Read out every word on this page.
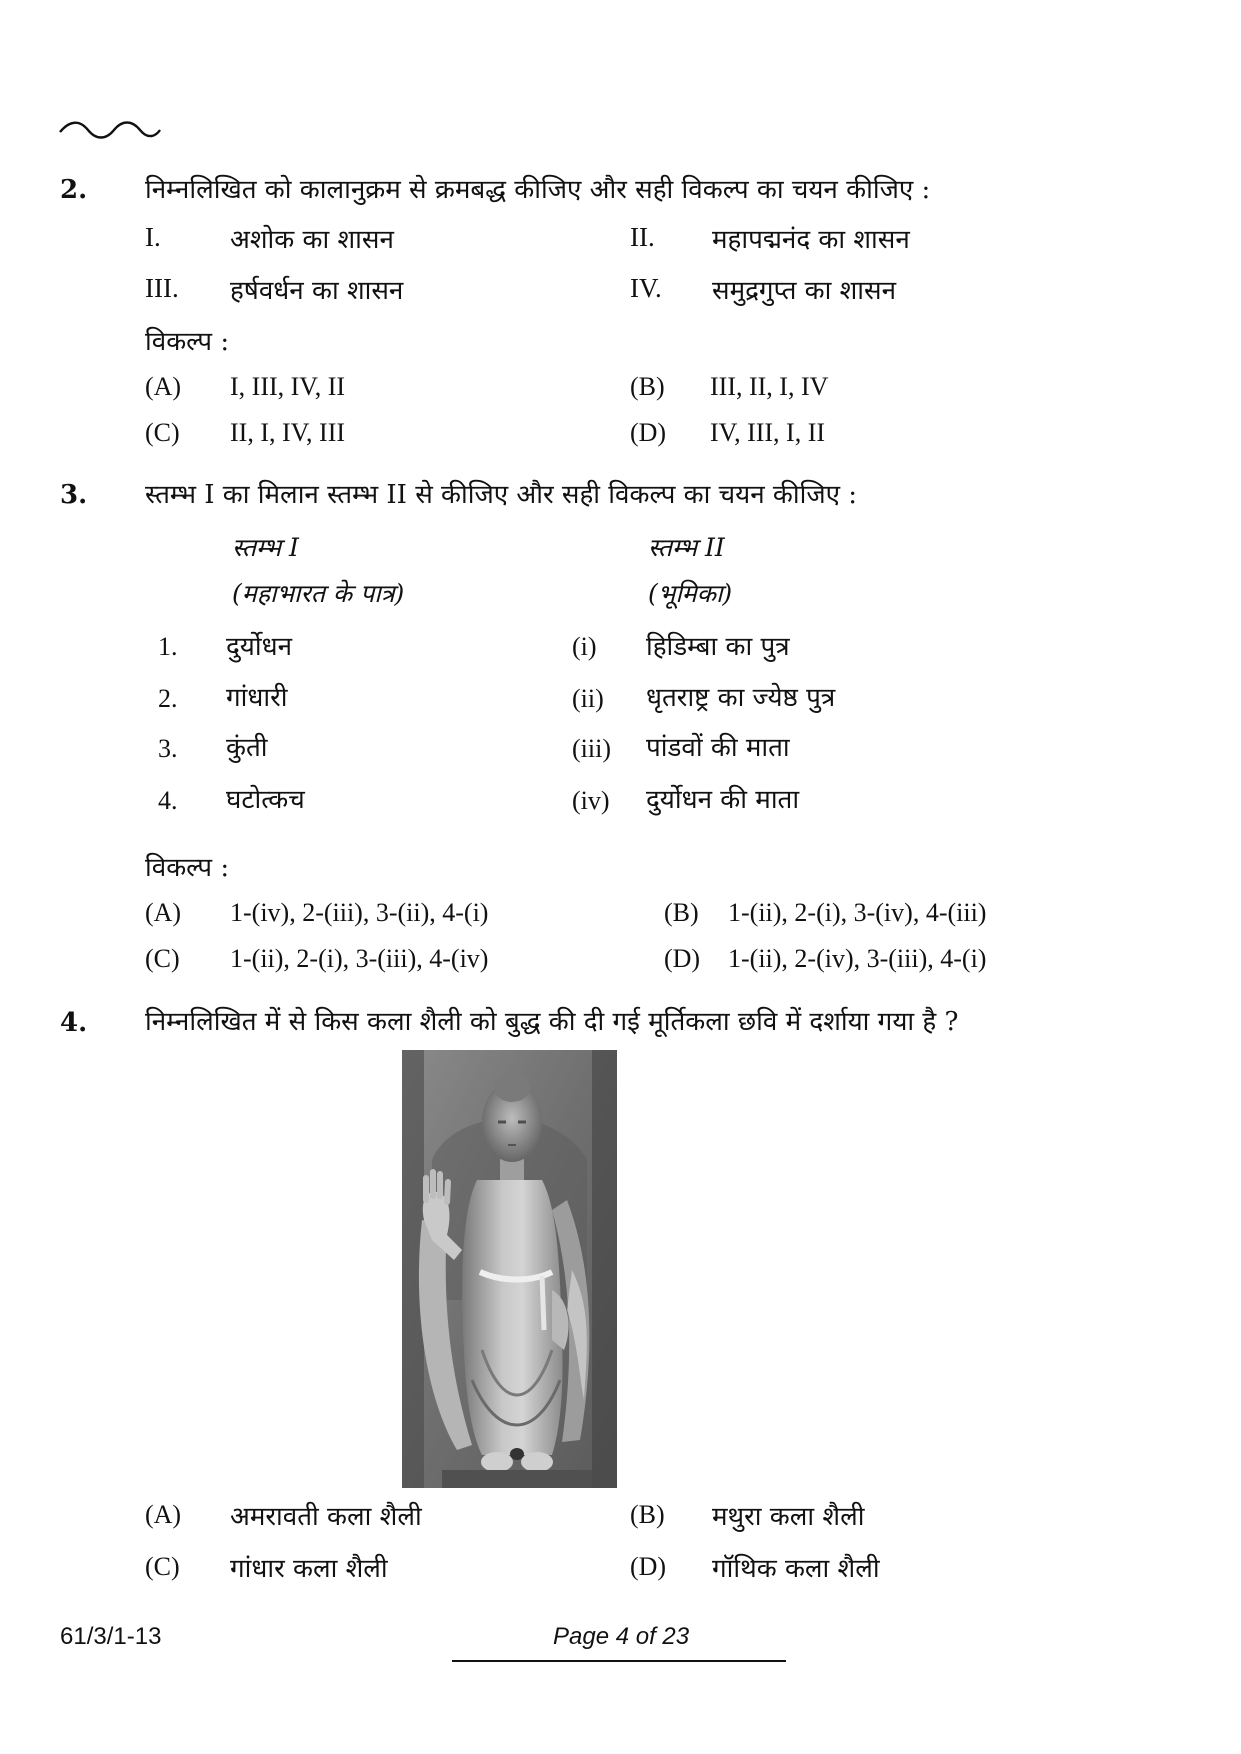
2. निम्नलिखित को कालानुक्रम से क्रमबद्ध कीजिए और सही विकल्प का चयन कीजिए :
I.	अशोक का शासन	II. महापद्मनंद का शासन
III. हर्षवर्धन का शासन	IV. समुद्रगुप्त का शासन
विकल्प :
(A) I, III, IV, II	(B) III, II, I, IV
(C) II, I, IV, III	(D) IV, III, I, II
3. स्तम्भ I का मिलान स्तम्भ II से कीजिए और सही विकल्प का चयन कीजिए :
स्तम्भ I	स्तम्भ II
(महाभारत के पात्र)	(भूमिका)
1. दुर्योधन	(i) हिडिम्बा का पुत्र
2. गांधारी	(ii) धृतराष्ट्र का ज्येष्ठ पुत्र
3. कुंती	(iii) पांडवों की माता
4. घटोत्कच	(iv) दुर्योधन की माता
विकल्प :
(A) 1-(iv), 2-(iii), 3-(ii), 4-(i)	(B) 1-(ii), 2-(i), 3-(iv), 4-(iii)
(C) 1-(ii), 2-(i), 3-(iii), 4-(iv)	(D) 1-(ii), 2-(iv), 3-(iii), 4-(i)
4. निम्नलिखित में से किस कला शैली को बुद्ध की दी गई मूर्तिकला छवि में दर्शाया गया है ?
(A) अमरावती कला शैली	(B) मथुरा कला शैली
(C) गांधार कला शैली	(D) गॉथिक कला शैली
61/3/1-13	Page 4 of 23
